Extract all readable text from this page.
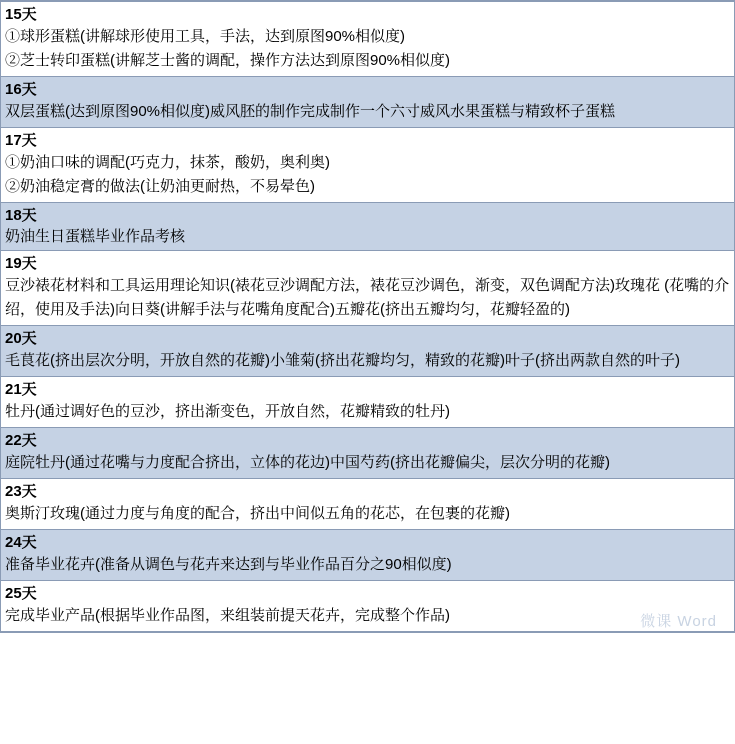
15天
①球形蛋糕(讲解球形使用工具，手法，达到原图90%相似度)
②芝士转印蛋糕(讲解芝士酱的调配，操作方法达到原图90%相似度)
16天
双层蛋糕(达到原图90%相似度)威风胚的制作完成制作一个六寸威风水果蛋糕与精致杯子蛋糕
17天
①奶油口味的调配(巧克力，抹茶，酸奶，奥利奥)
②奶油稳定膏的做法(让奶油更耐热，不易晕色)
18天
奶油生日蛋糕毕业作品考核
19天
豆沙裱花材料和工具运用理论知识(裱花豆沙调配方法，裱花豆沙调色，渐变，双色调配方法)玫瑰花 (花嘴的介绍，使用及手法)向日葵(讲解手法与花嘴角度配合)五瓣花(挤出五瓣均匀，花瓣轻盈的)
20天
毛茛花(挤出层次分明，开放自然的花瓣)小雏菊(挤出花瓣均匀，精致的花瓣)叶子(挤出两款自然的叶子)
21天
牡丹(通过调好色的豆沙，挤出渐变色，开放自然，花瓣精致的牡丹)
22天
庭院牡丹(通过花嘴与力度配合挤出，立体的花边)中国芍药(挤出花瓣偏尖，层次分明的花瓣)
23天
奥斯汀玫瑰(通过力度与角度的配合，挤出中间似五角的花芯，在包裹的花瓣)
24天
准备毕业花卉(准备从调色与花卉来达到与毕业作品百分之90相似度)
25天
完成毕业产品(根据毕业作品图，来组装前提天花卉，完成整个作品)	微课 Word
